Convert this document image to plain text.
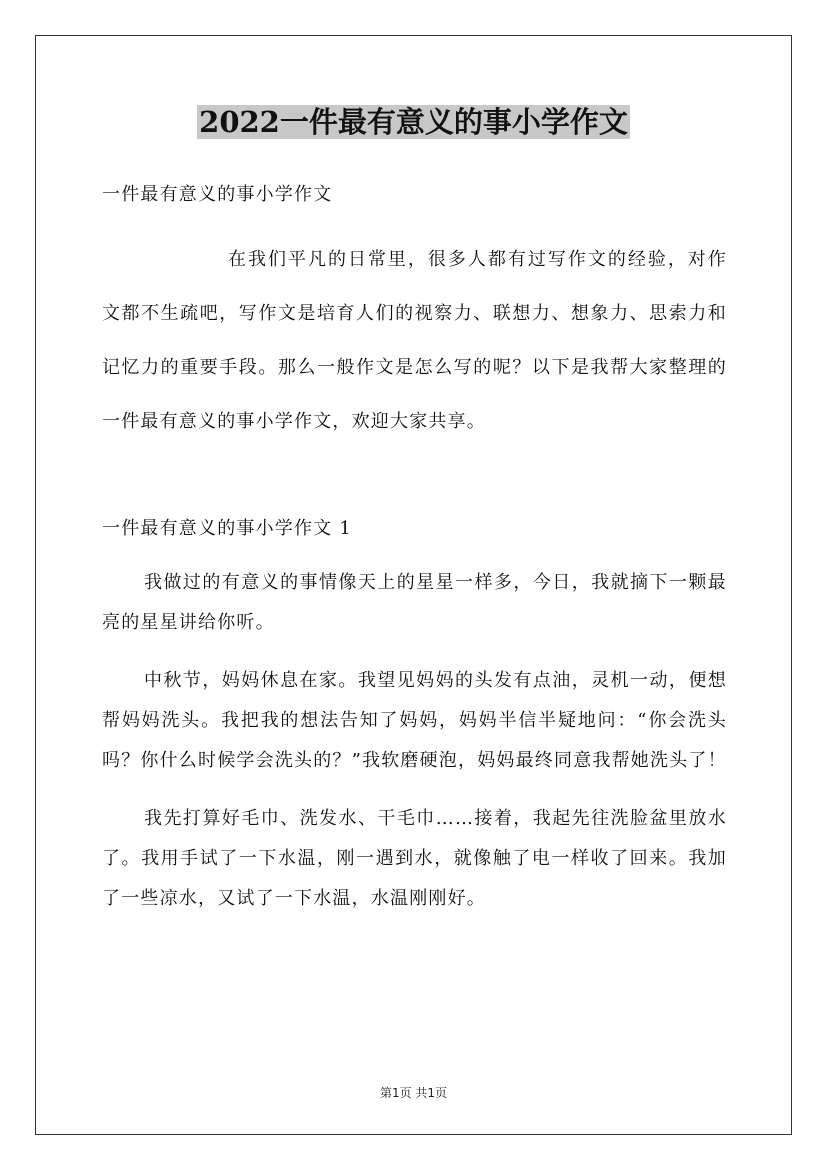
2022一件最有意义的事小学作文

一件最有意义的事小学作文

在我们平凡的日常里，很多人都有过写作文的经验，对作文都不生疏吧，写作文是培育人们的视察力、联想力、想象力、思索力和记忆力的重要手段。那么一般作文是怎么写的呢？以下是我帮大家整理的一件最有意义的事小学作文，欢迎大家共享。

一件最有意义的事小学作文 1

我做过的有意义的事情像天上的星星一样多，今日，我就摘下一颗最亮的星星讲给你听。

中秋节，妈妈休息在家。我望见妈妈的头发有点油，灵机一动，便想帮妈妈洗头。我把我的想法告知了妈妈，妈妈半信半疑地问：“你会洗头吗？你什么时候学会洗头的？”我软磨硬泡，妈妈最终同意我帮她洗头了！

我先打算好毛巾、洗发水、干毛巾……接着，我起先往洗脸盆里放水了。我用手试了一下水温，刚一遇到水，就像触了电一样收了回来。我加了一些凉水，又试了一下水温，水温刚刚好。

第1页 共1页
